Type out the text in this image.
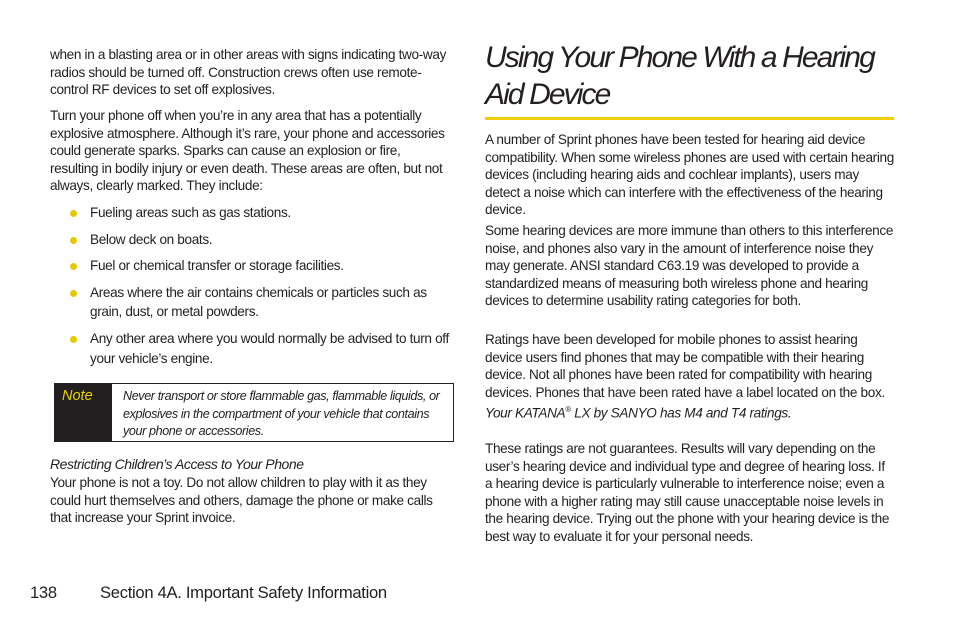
when in a blasting area or in other areas with signs indicating two-way radios should be turned off. Construction crews often use remote-control RF devices to set off explosives.

Turn your phone off when you’re in any area that has a potentially explosive atmosphere. Although it’s rare, your phone and accessories could generate sparks. Sparks can cause an explosion or fire, resulting in bodily injury or even death. These areas are often, but not always, clearly marked. They include:

Fueling areas such as gas stations.
Below deck on boats.
Fuel or chemical transfer or storage facilities.
Areas where the air contains chemicals or particles such as grain, dust, or metal powders.
Any other area where you would normally be advised to turn off your vehicle’s engine.
Note	Never transport or store flammable gas, flammable liquids, or explosives in the compartment of your vehicle that contains your phone or accessories.
Restricting Children’s Access to Your Phone

Your phone is not a toy. Do not allow children to play with it as they could hurt themselves and others, damage the phone or make calls that increase your Sprint invoice.

Using Your Phone With a Hearing Aid Device

A number of Sprint phones have been tested for hearing aid device compatibility. When some wireless phones are used with certain hearing devices (including hearing aids and cochlear implants), users may detect a noise which can interfere with the effectiveness of the hearing device.

Some hearing devices are more immune than others to this interference noise, and phones also vary in the amount of interference noise they may generate. ANSI standard C63.19 was developed to provide a standardized means of measuring both wireless phone and hearing devices to determine usability rating categories for both.

Ratings have been developed for mobile phones to assist hearing device users find phones that may be compatible with their hearing device. Not all phones have been rated for compatibility with hearing devices. Phones that have been rated have a label located on the box. Your KATANA® LX by SANYO has M4 and T4 ratings.

These ratings are not guarantees. Results will vary depending on the user’s hearing device and individual type and degree of hearing loss. If a hearing device is particularly vulnerable to interference noise; even a phone with a higher rating may still cause unacceptable noise levels in the hearing device. Trying out the phone with your hearing device is the best way to evaluate it for your personal needs.

138	Section 4A. Important Safety Information
